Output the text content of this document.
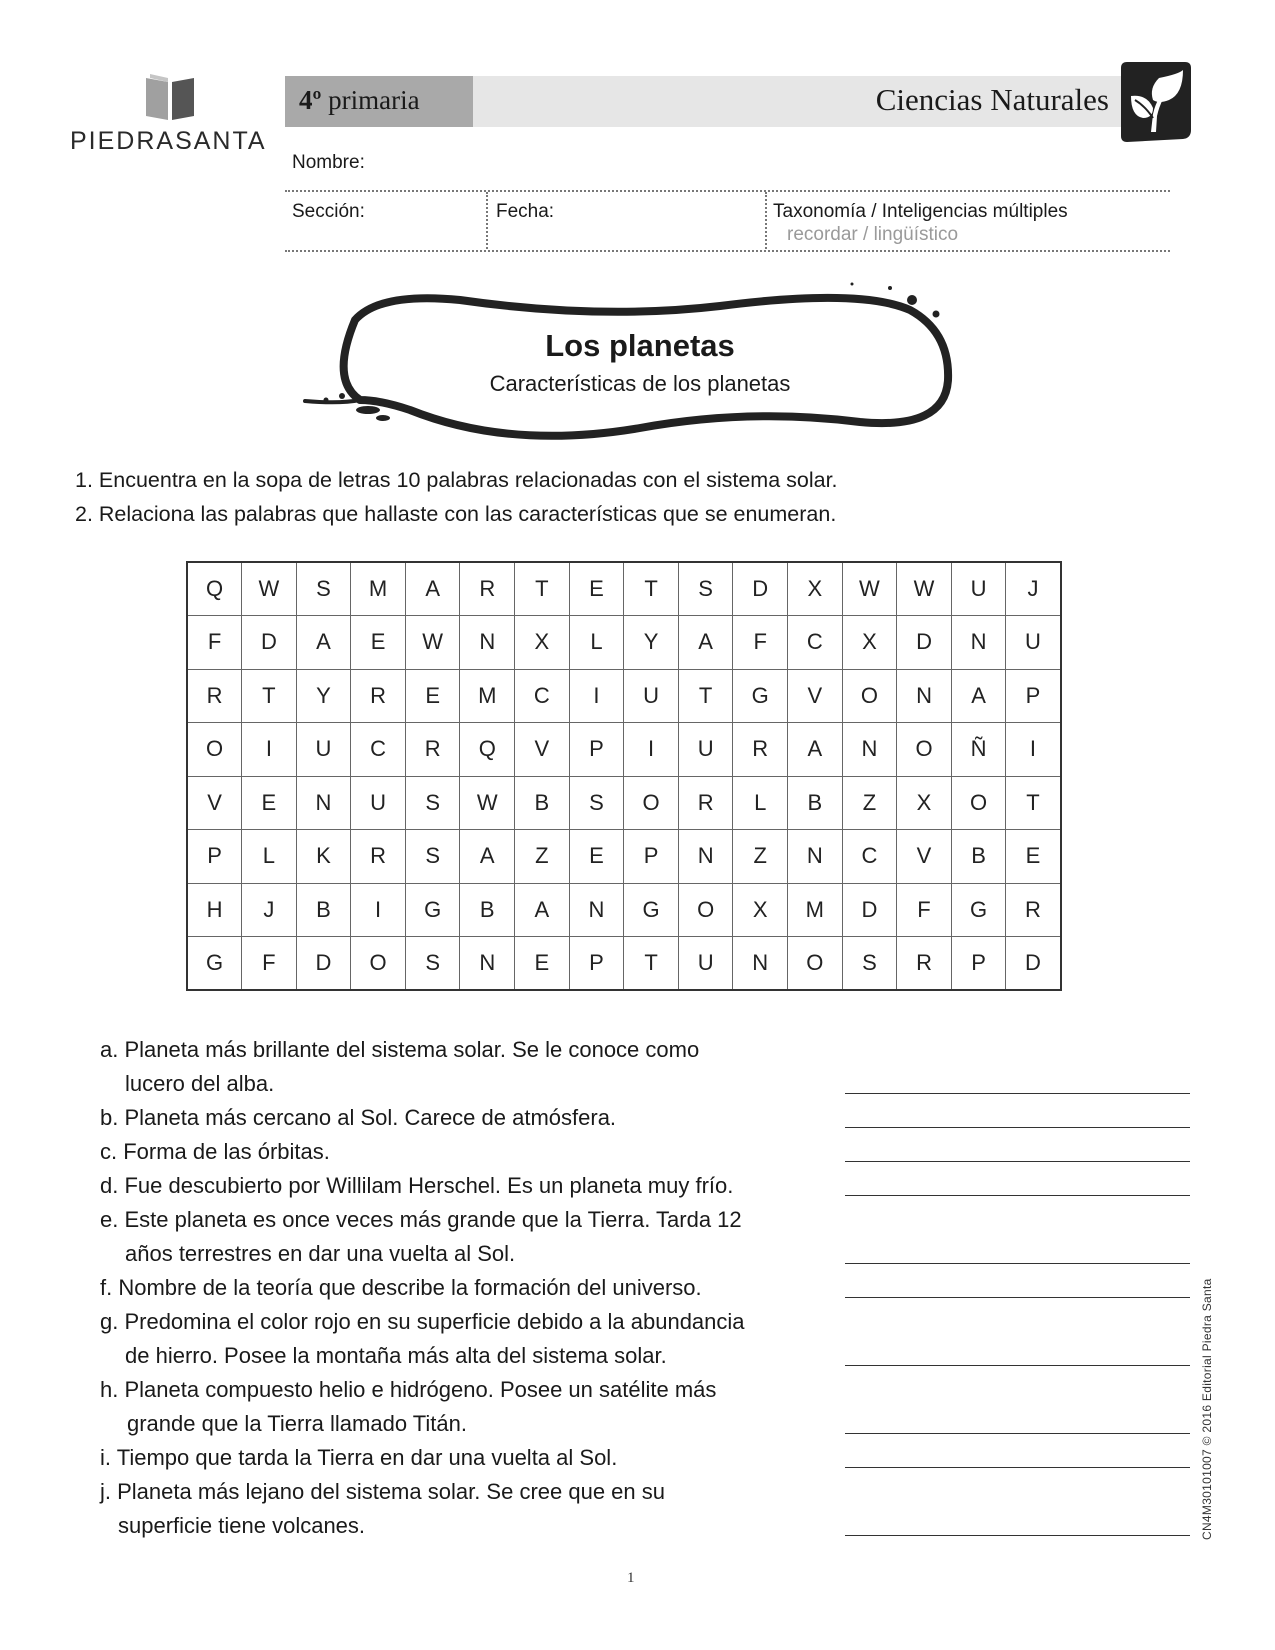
PIEDRASANTA
4º primaria	Ciencias Naturales
Nombre:
Sección:	Fecha:	Taxonomía / Inteligencias múltiples
recordar / lingüístico
Los planetas
Características de los planetas
1. Encuentra en la sopa de letras 10 palabras relacionadas con el sistema solar.
2. Relaciona las palabras que hallaste con las características que se enumeran.
Q	W	S	M	A	R	T	E	T	S	D	X	W	W	U	J
F	D	A	E	W	N	X	L	Y	A	F	C	X	D	N	U
R	T	Y	R	E	M	C	I	U	T	G	V	O	N	A	P
O	I	U	C	R	Q	V	P	I	U	R	A	N	O	Ñ	I
V	E	N	U	S	W	B	S	O	R	L	B	Z	X	O	T
P	L	K	R	S	A	Z	E	P	N	Z	N	C	V	B	E
H	J	B	I	G	B	A	N	G	O	X	M	D	F	G	R
G	F	D	O	S	N	E	P	T	U	N	O	S	R	P	D
a. Planeta más brillante del sistema solar. Se le conoce como
lucero del alba.
b. Planeta más cercano al Sol. Carece de atmósfera.
c. Forma de las órbitas.
d. Fue descubierto por Willilam Herschel. Es un planeta muy frío.
e. Este planeta es once veces más grande que la Tierra. Tarda 12
años terrestres en dar una vuelta al Sol.
f. Nombre de la teoría que describe la formación del universo.
g. Predomina el color rojo en su superficie debido a la abundancia
de hierro. Posee la montaña más alta del sistema solar.
h. Planeta compuesto helio e hidrógeno. Posee un satélite más
grande que la Tierra llamado Titán.
i. Tiempo que tarda la Tierra en dar una vuelta al Sol.
j. Planeta más lejano del sistema solar. Se cree que en su
superficie tiene volcanes.	CN4M30101007 © 2016 Editorial Piedra Santa
1
